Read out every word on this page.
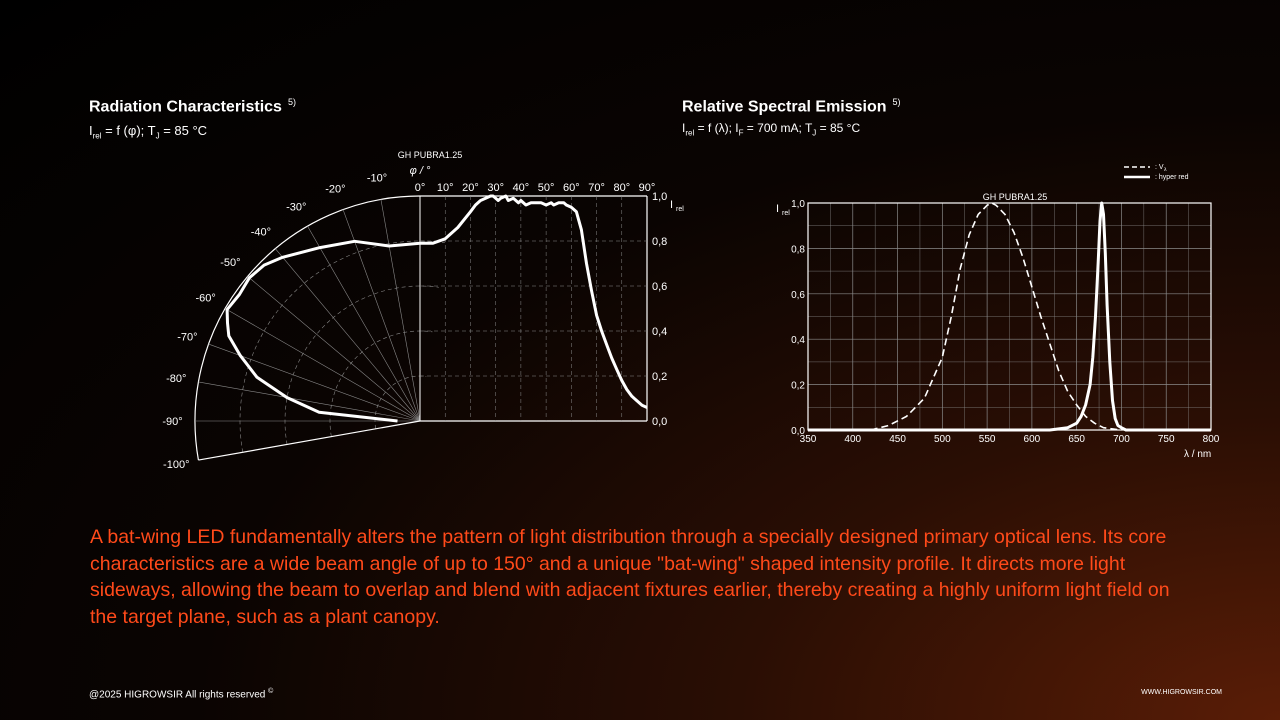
Radiation Characteristics $^{5)}$
$I_{rel} = f$ (φ); $T_J = 85$ °C
Relative Spectral Emission $^{5)}$
$I_{rel} = f$ (λ); $I_F = 700$ mA; $T_J = 85$ °C
0° 10° 20° 30° 40° 50° 60° 70° 80° 90°
1,0
0,8
0,6
0,4
0,2
0,0
I rel
GH PUBRA1.25
φ / °
-10°
-20°
-30°
-40°
-50°
-60°
-70°
-80°
-90°
-100°
350	400	450	500	550	600	650	700	750	800
0,0
0,2
0,4
0,6
0,8
1,0
λ / nm
I rel
GH PUBRA1.25
: V λ
: hyper red
A bat-wing LED fundamentally alters the pattern of light distribution through a specially designed primary optical lens. Its core characteristics are a wide beam angle of up to 150° and a unique "bat-wing" shaped intensity profile. It directs more light sideways, allowing the beam to overlap and blend with adjacent fixtures earlier, thereby creating a highly uniform light field on the target plane, such as a plant canopy.
@2025 HIGROWSIR All rights reserved ©	WWW.HIGROWSIR.COM
